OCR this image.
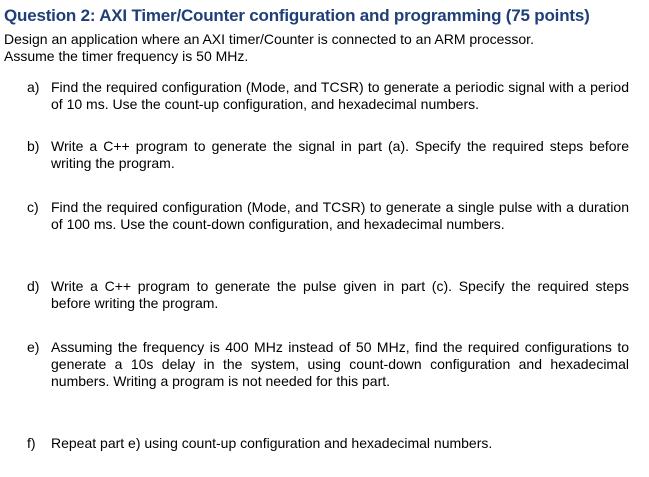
Question 2: AXI Timer/Counter configuration and programming (75 points)

Design an application where an AXI timer/Counter is connected to an ARM processor.

Assume the timer frequency is 50 MHz.

a) Find the required configuration (Mode, and TCSR) to generate a periodic signal with a period of 10 ms. Use the count-up configuration, and hexadecimal numbers.
b) Write a C++ program to generate the signal in part (a). Specify the required steps before writing the program.
c) Find the required configuration (Mode, and TCSR) to generate a single pulse with a duration of 100 ms. Use the count-down configuration, and hexadecimal numbers.
d) Write a C++ program to generate the pulse given in part (c). Specify the required steps before writing the program.
e) Assuming the frequency is 400 MHz instead of 50 MHz, find the required configurations to generate a 10s delay in the system, using count-down configuration and hexadecimal numbers. Writing a program is not needed for this part.
f)	Repeat part e) using count-up configuration and hexadecimal numbers.
